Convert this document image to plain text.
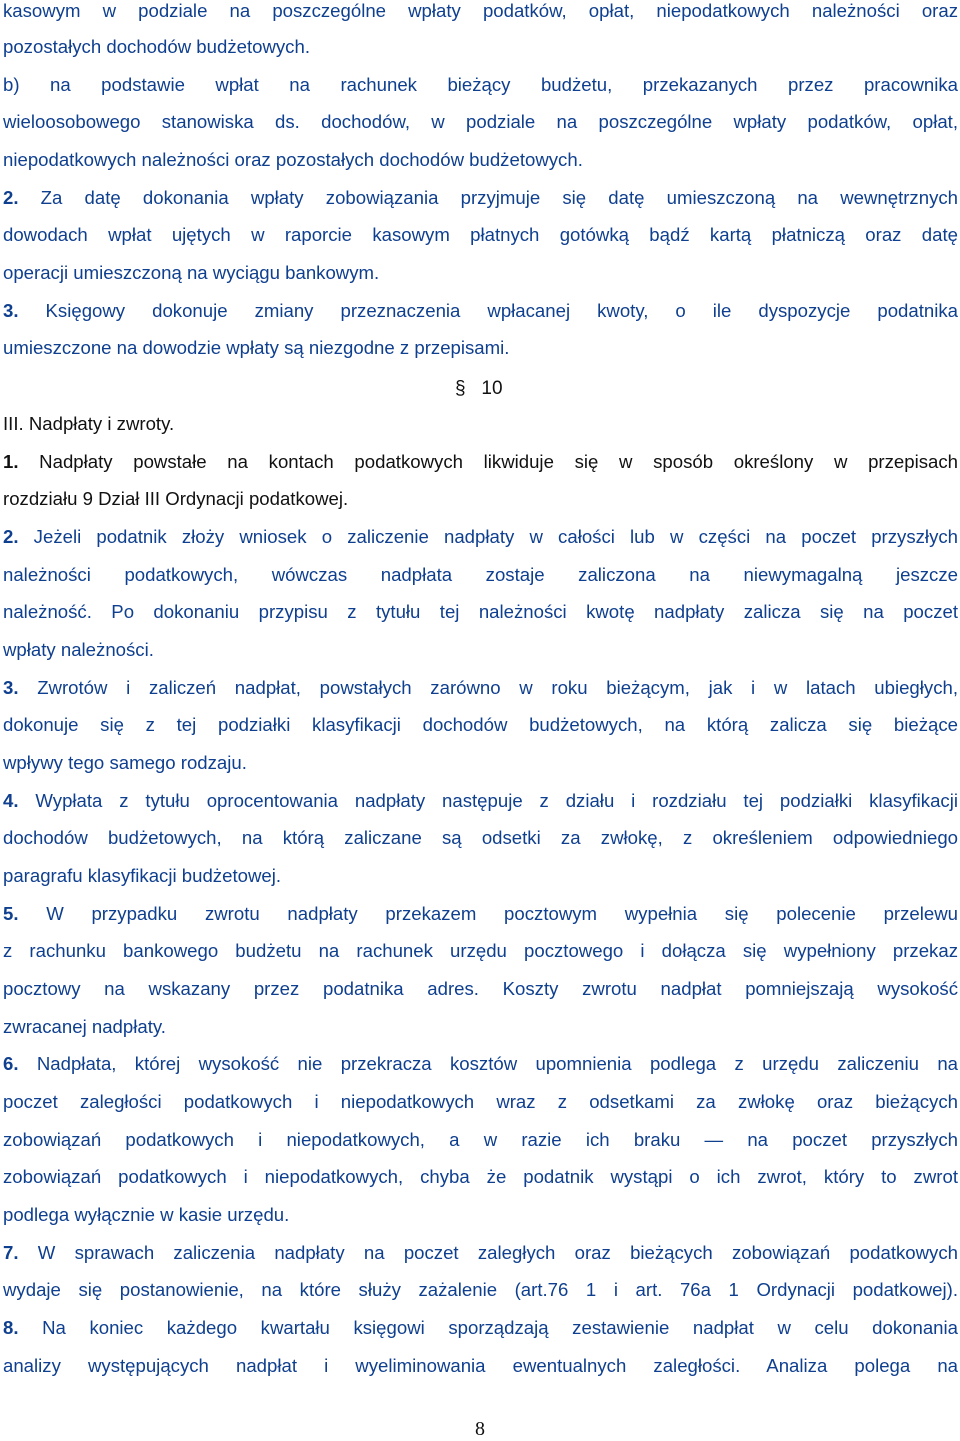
kasowym w podziale na poszczególne wpłaty podatków, opłat, niepodatkowych należności oraz
pozostałych dochodów budżetowych.
b) na podstawie wpłat na rachunek bieżący budżetu, przekazanych przez pracownika
wieloosobowego stanowiska ds. dochodów, w podziale na poszczególne wpłaty podatków, opłat,
niepodatkowych należności oraz pozostałych dochodów budżetowych.
2. Za datę dokonania wpłaty zobowiązania przyjmuje się datę umieszczoną na wewnętrznych
dowodach wpłat ujętych w raporcie kasowym płatnych gotówką bądź kartą płatniczą oraz datę
operacji umieszczoną na wyciągu bankowym.
3. Księgowy dokonuje zmiany przeznaczenia wpłacanej kwoty, o ile dyspozycje podatnika
umieszczone na dowodzie wpłaty są niezgodne z przepisami.
§ 10
III. Nadpłaty i zwroty.
1. Nadpłaty powstałe na kontach podatkowych likwiduje się w sposób określony w przepisach
rozdziału 9 Dział III Ordynacji podatkowej.
2. Jeżeli podatnik złoży wniosek o zaliczenie nadpłaty w całości lub w części na poczet przyszłych
należności podatkowych, wówczas nadpłata zostaje zaliczona na niewymagalną jeszcze
należność. Po dokonaniu przypisu z tytułu tej należności kwotę nadpłaty zalicza się na poczet
wpłaty należności.
3. Zwrotów i zaliczeń nadpłat, powstałych zarówno w roku bieżącym, jak i w latach ubiegłych,
dokonuje się z tej podziałki klasyfikacji dochodów budżetowych, na którą zalicza się bieżące
wpływy tego samego rodzaju.
4. Wypłata z tytułu oprocentowania nadpłaty następuje z działu i rozdziału tej podziałki klasyfikacji
dochodów budżetowych, na którą zaliczane są odsetki za zwłokę, z określeniem odpowiedniego
paragrafu klasyfikacji budżetowej.
5. W przypadku zwrotu nadpłaty przekazem pocztowym wypełnia się polecenie przelewu
z rachunku bankowego budżetu na rachunek urzędu pocztowego i dołącza się wypełniony przekaz
pocztowy na wskazany przez podatnika adres. Koszty zwrotu nadpłat pomniejszają wysokość
zwracanej nadpłaty.
6. Nadpłata, której wysokość nie przekracza kosztów upomnienia podlega z urzędu zaliczeniu na
poczet zaległości podatkowych i niepodatkowych wraz z odsetkami za zwłokę oraz bieżących
zobowiązań podatkowych i niepodatkowych, a w razie ich braku — na poczet przyszłych
zobowiązań podatkowych i niepodatkowych, chyba że podatnik wystąpi o ich zwrot, który to zwrot
podlega wyłącznie w kasie urzędu.
7. W sprawach zaliczenia nadpłaty na poczet zaległych oraz bieżących zobowiązań podatkowych
wydaje się postanowienie, na które służy zażalenie (art.76 1 i art. 76a 1 Ordynacji podatkowej).
8. Na koniec każdego kwartału księgowi sporządzają zestawienie nadpłat w celu dokonania
analizy występujących nadpłat i wyeliminowania ewentualnych zaległości. Analiza polega na
8
